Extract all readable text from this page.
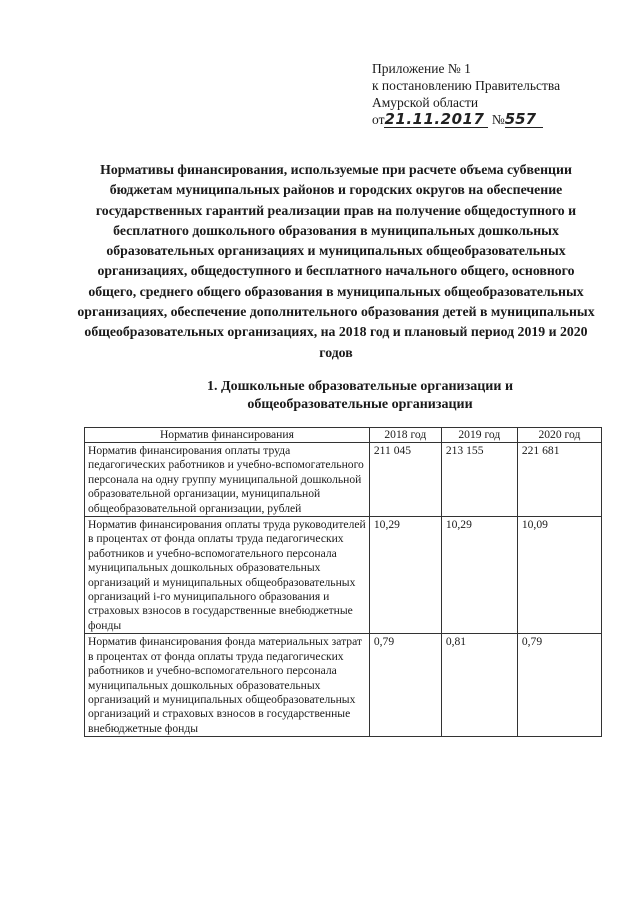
Приложение № 1
к постановлению Правительства
Амурской области
от21.11.2017 №557
Нормативы финансирования, используемые при расчете объема субвенции бюджетам муниципальных районов и городских округов на обеспечение государственных гарантий реализации прав на получение общедоступного и бесплатного дошкольного образования в муниципальных дошкольных образовательных организациях и муниципальных общеобразовательных организациях, общедоступного и бесплатного начального общего, основного общего, среднего общего образования в муниципальных общеобразовательных организациях, обеспечение дополнительного образования детей в муниципальных общеобразовательных организациях, на 2018 год и плановый период 2019 и 2020 годов
1. Дошкольные образовательные организации и общеобразовательные организации
Норматив финансирования	2018 год	2019 год	2020 год
Норматив финансирования оплаты труда педагогических работников и учебно-вспомогательного персонала на одну группу муниципальной дошкольной образовательной организации, муниципальной общеобразовательной организации, рублей	211 045	213 155	221 681
Норматив финансирования оплаты труда руководителей в процентах от фонда оплаты труда педагогических работников и учебно-вспомогательного персонала муниципальных дошкольных образовательных организаций и муниципальных общеобразовательных организаций i-го муниципального образования и страховых взносов в государственные внебюджетные фонды	10,29	10,29	10,09
Норматив финансирования фонда материальных затрат в процентах от фонда оплаты труда педагогических работников и учебно-вспомогательного персонала муниципальных дошкольных образовательных организаций и муниципальных общеобразовательных организаций и страховых взносов в государственные внебюджетные фонды	0,79	0,81	0,79
